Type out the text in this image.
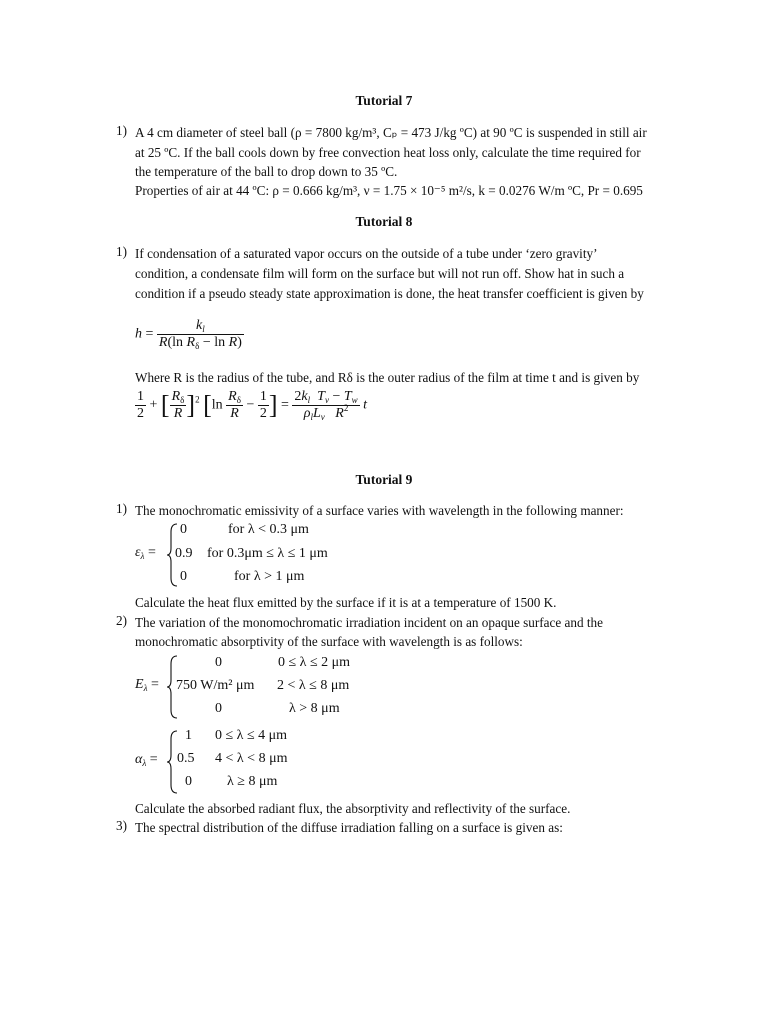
Tutorial 7
1) A 4 cm diameter of steel ball (ρ = 7800 kg/m³, Cₚ = 473 J/kg ºC) at 90 ºC is suspended in still air
at 25 ºC. If the ball cools down by free convection heat loss only, calculate the time required for
the temperature of the ball to drop down to 35 ºC.
Properties of air at 44 ºC: ρ = 0.666 kg/m³, ν = 1.75 × 10⁻⁵ m²/s, k = 0.0276 W/m ºC, Pr = 0.695
Tutorial 8
1) If condensation of a saturated vapor occurs on the outside of a tube under ‘zero gravity’
condition, a condensate film will form on the surface but will not run off. Show hat in such a
condition if a pseudo steady state approximation is done, the heat transfer coefficient is given by
$h = \frac{k_l}{R(\ln R_\delta - \ln R)}$
Where R is the radius of the tube, and Rδ is the outer radius of the film at time t and is given by
$\frac{1}{2}$ + [ $\frac{R_\delta}{R} ]^2$ [$\ln \frac{R_\delta}{R} - \frac{1}{2}$ ] = $\frac{2k_l T_v - T_w}{\rho_lL_v R^2}$ t
Tutorial 9
1) The monochromatic emissivity of a surface varies with wavelength in the following manner:
$\varepsilon_\lambda$ =
0	for λ < 0.3 μm
0.9 for 0.3μm ≤ λ ≤ 1 μm
0	for λ > 1 μm
Calculate the heat flux emitted by the surface if it is at a temperature of 1500 K.
2) The variation of the monomochromatic irradiation incident on an opaque surface and the
monochromatic absorptivity of the surface with wavelength is as follows:
$E_\lambda$ =
0	0 ≤ λ ≤ 2 μm
750 W/m² μm 2 < λ ≤ 8 μm
0	λ > 8 μm
$\alpha_\lambda$ =
1 0 ≤ λ ≤ 4 μm
0.5 4 < λ < 8 μm
0	λ ≥ 8 μm
Calculate the absorbed radiant flux, the absorptivity and reflectivity of the surface.
3) The spectral distribution of the diffuse irradiation falling on a surface is given as:
